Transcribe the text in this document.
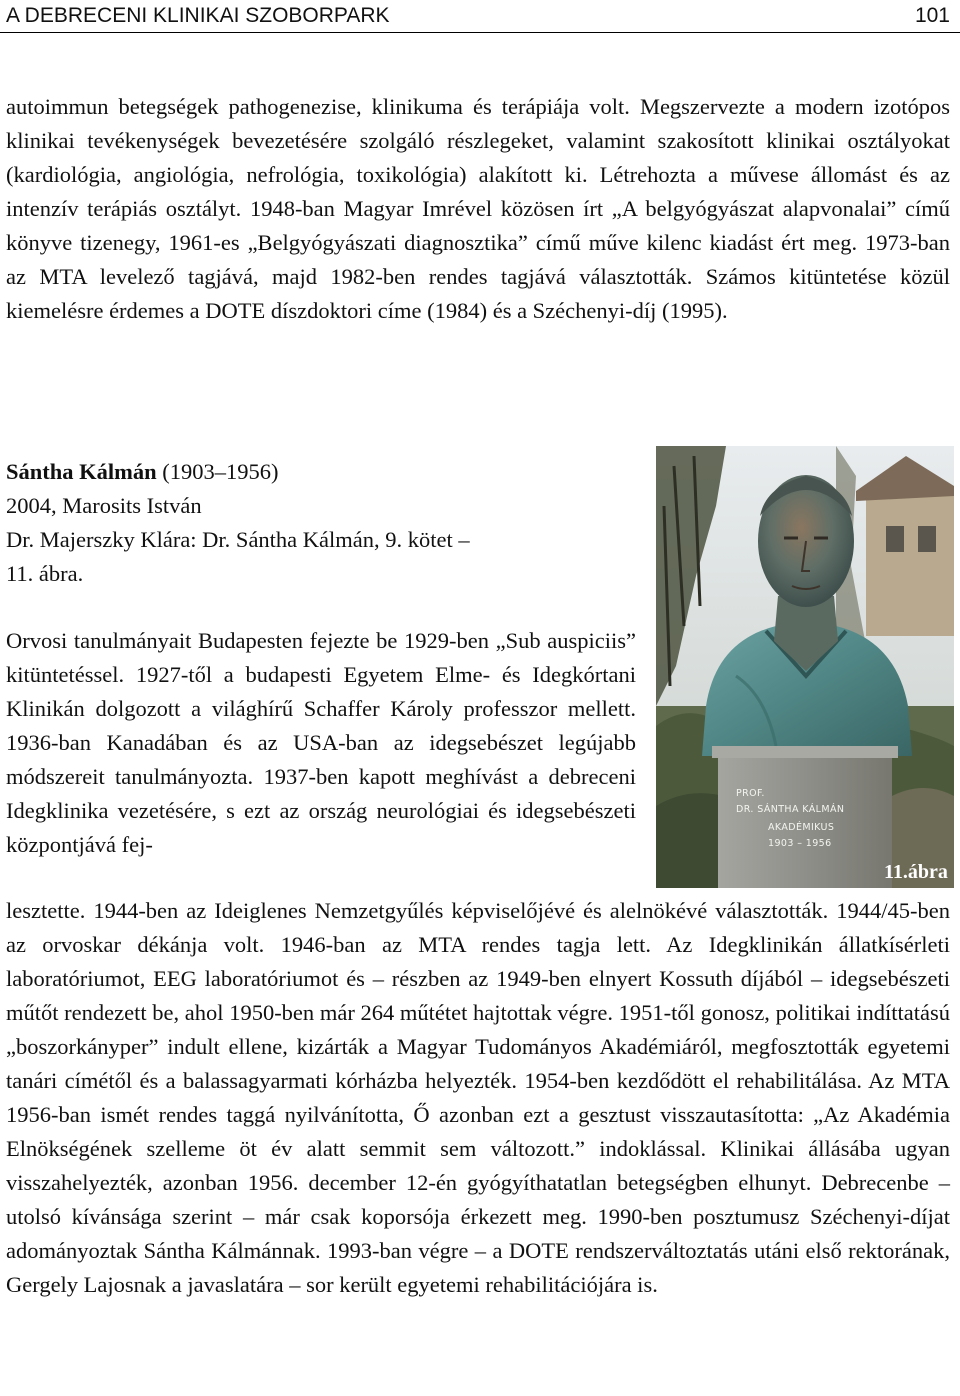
A DEBRECENI KLINIKAI SZOBORPARK	101

autoimmun betegségek pathogenezise, klinikuma és terápiája volt. Megszervezte a modern izotópos klinikai tevékenységek bevezetésére szolgáló részlegeket, valamint szakosított klinikai osztályokat (kardiológia, angiológia, nefrológia, toxikológia) alakított ki. Létrehozta a művese állomást és az intenzív terápiás osztályt. 1948-ban Magyar Imrével közösen írt „A belgyógyászat alapvonalai” című könyve tizenegy, 1961-es „Belgyógyászati diagnosztika” című műve kilenc kiadást ért meg. 1973-ban az MTA levelező tagjává, majd 1982-ben rendes tagjává választották. Számos kitüntetése közül kiemelésre érdemes a DOTE díszdoktori címe (1984) és a Széchenyi-díj (1995).

Sántha Kálmán (1903–1956)
2004, Marosits István
Dr. Majerszky Klára: Dr. Sántha Kálmán, 9. kötet –
11. ábra.

Orvosi tanulmányait Budapesten fejezte be 1929-ben „Sub auspiciis” kitüntetéssel. 1927-től a budapesti Egyetem Elme- és Idegkórtani Klinikán dolgozott a világhírű Schaffer Károly professzor mellett. 1936-ban Kanadában és az USA-ban az idegsebészet legújabb módszereit tanulmányozta. 1937-ben kapott meghívást a debreceni Idegklinika vezetésére, s ezt az ország neurológiai és idegsebészeti központjává fej-

PROF.
DR. SÁNTHA KÁLMÁN
AKADÉMIKUS
1903 – 1956
11.ábra

lesztette. 1944-ben az Ideiglenes Nemzetgyűlés képviselőjévé és alelnökévé választották. 1944/45-ben az orvoskar dékánja volt. 1946-ban az MTA rendes tagja lett. Az Idegklinikán állatkísérleti laboratóriumot, EEG laboratóriumot és – részben az 1949-ben elnyert Kossuth díjából – idegsebészeti műtőt rendezett be, ahol 1950-ben már 264 műtétet hajtottak végre. 1951-től gonosz, politikai indíttatású „boszorkányper” indult ellene, kizárták a Magyar Tudományos Akadémiáról, megfosztották egyetemi tanári címétől és a balassagyarmati kórházba helyezték. 1954-ben kezdődött el rehabilitálása. Az MTA 1956-ban ismét rendes taggá nyilvánította, Ő azonban ezt a gesztust visszautasította: „Az Akadémia Elnökségének szelleme öt év alatt semmit sem változott.” indoklással. Klinikai állásába ugyan visszahelyezték, azonban 1956. december 12-én gyógyíthatatlan betegségben elhunyt. Debrecenbe – utolsó kívánsága szerint – már csak koporsója érkezett meg. 1990-ben posztumusz Széchenyi-díjat adományoztak Sántha Kálmánnak. 1993-ban végre – a DOTE rendszerváltoztatás utáni első rektorának, Gergely Lajosnak a javaslatára – sor került egyetemi rehabilitációjára is.
